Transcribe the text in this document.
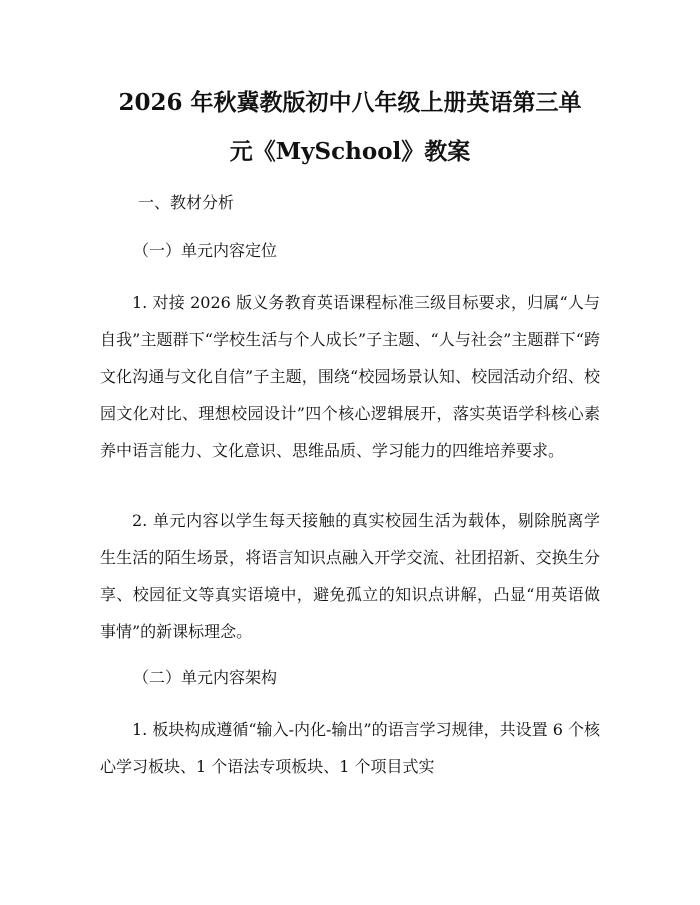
2026 年秋冀教版初中八年级上册英语第三单
元《MySchool》教案
一、教材分析
（一）单元内容定位

1. 对接 2026 版义务教育英语课程标准三级目标要求，归属“人与自我”主题群下“学校生活与个人成长”子主题、“人与社会”主题群下“跨文化沟通与文化自信”子主题，围绕“校园场景认知、校园活动介绍、校园文化对比、理想校园设计”四个核心逻辑展开，落实英语学科核心素养中语言能力、文化意识、思维品质、学习能力的四维培养要求。

2. 单元内容以学生每天接触的真实校园生活为载体，剔除脱离学生生活的陌生场景，将语言知识点融入开学交流、社团招新、交换生分享、校园征文等真实语境中，避免孤立的知识点讲解，凸显“用英语做事情”的新课标理念。

（二）单元内容架构

1. 板块构成遵循“输入-内化-输出”的语言学习规律，共设置 6 个核心学习板块、1 个语法专项板块、1 个项目式实
